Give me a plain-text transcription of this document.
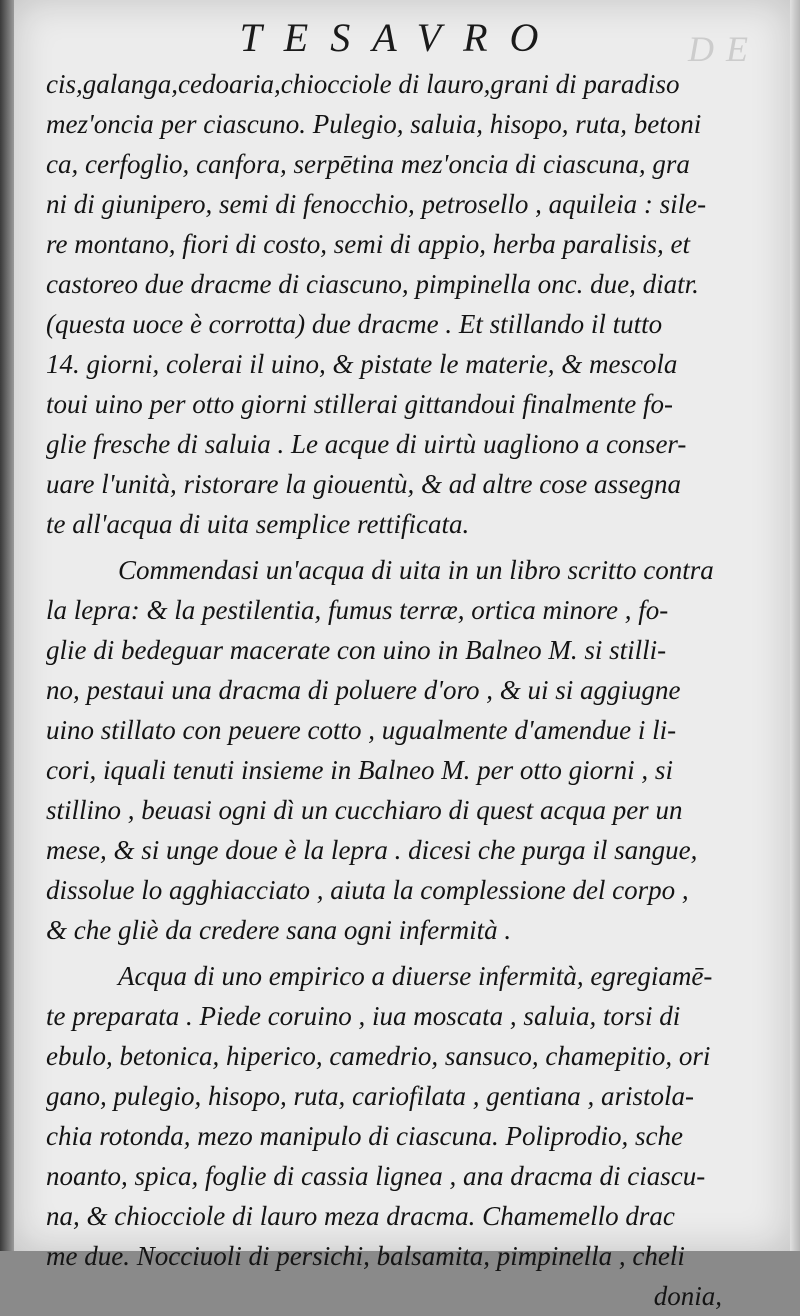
DE
TESAVRO
cis,galanga,cedoaria,chiocciole di lauro,grani di paradiso
mez'oncia per ciascuno. Pulegio, saluia, hisopo, ruta, betoni
ca, cerfoglio, canfora, serpētina mez'oncia di ciascuna, gra
ni di giunipero, semi di fenocchio, petrosello , aquileia : sile-
re montano, fiori di costo, semi di appio, herba paralisis, et
castoreo due dracme di ciascuno, pimpinella onc. due, diatr.
(questa uoce è corrotta) due dracme . Et stillando il tutto
14. giorni, colerai il uino, & pistate le materie, & mescola
toui uino per otto giorni stillerai gittandoui finalmente fo-
glie fresche di saluia . Le acque di uirtù uagliono a conser-
uare l'unità, ristorare la giouentù, & ad altre cose assegna
te all'acqua di uita semplice rettificata.
Commendasi un'acqua di uita in un libro scritto contra
la lepra: & la pestilentia, fumus terræ, ortica minore , fo-
glie di bedeguar macerate con uino in Balneo M. si stilli-
no, pestaui una dracma di poluere d'oro , & ui si aggiugne
uino stillato con peuere cotto , ugualmente d'amendue i li-
cori, iquali tenuti insieme in Balneo M. per otto giorni , si
stillino , beuasi ogni dì un cucchiaro di quest acqua per un
mese, & si unge doue è la lepra . dicesi che purga il sangue,
dissolue lo agghiacciato , aiuta la complessione del corpo ,
& che gliè da credere sana ogni infermità .
Acqua di uno empirico a diuerse infermità, egregiamē-
te preparata . Piede coruino , iua moscata , saluia, torsi di
ebulo, betonica, hiperico, camedrio, sansuco, chamepitio, ori
gano, pulegio, hisopo, ruta, cariofilata , gentiana , aristola-
chia rotonda, mezo manipulo di ciascuna. Poliprodio, sche
noanto, spica, foglie di cassia lignea , ana dracma di ciascu-
na, & chiocciole di lauro meza dracma. Chamemello drac
me due. Nocciuoli di persichi, balsamita, pimpinella , cheli
donia,
